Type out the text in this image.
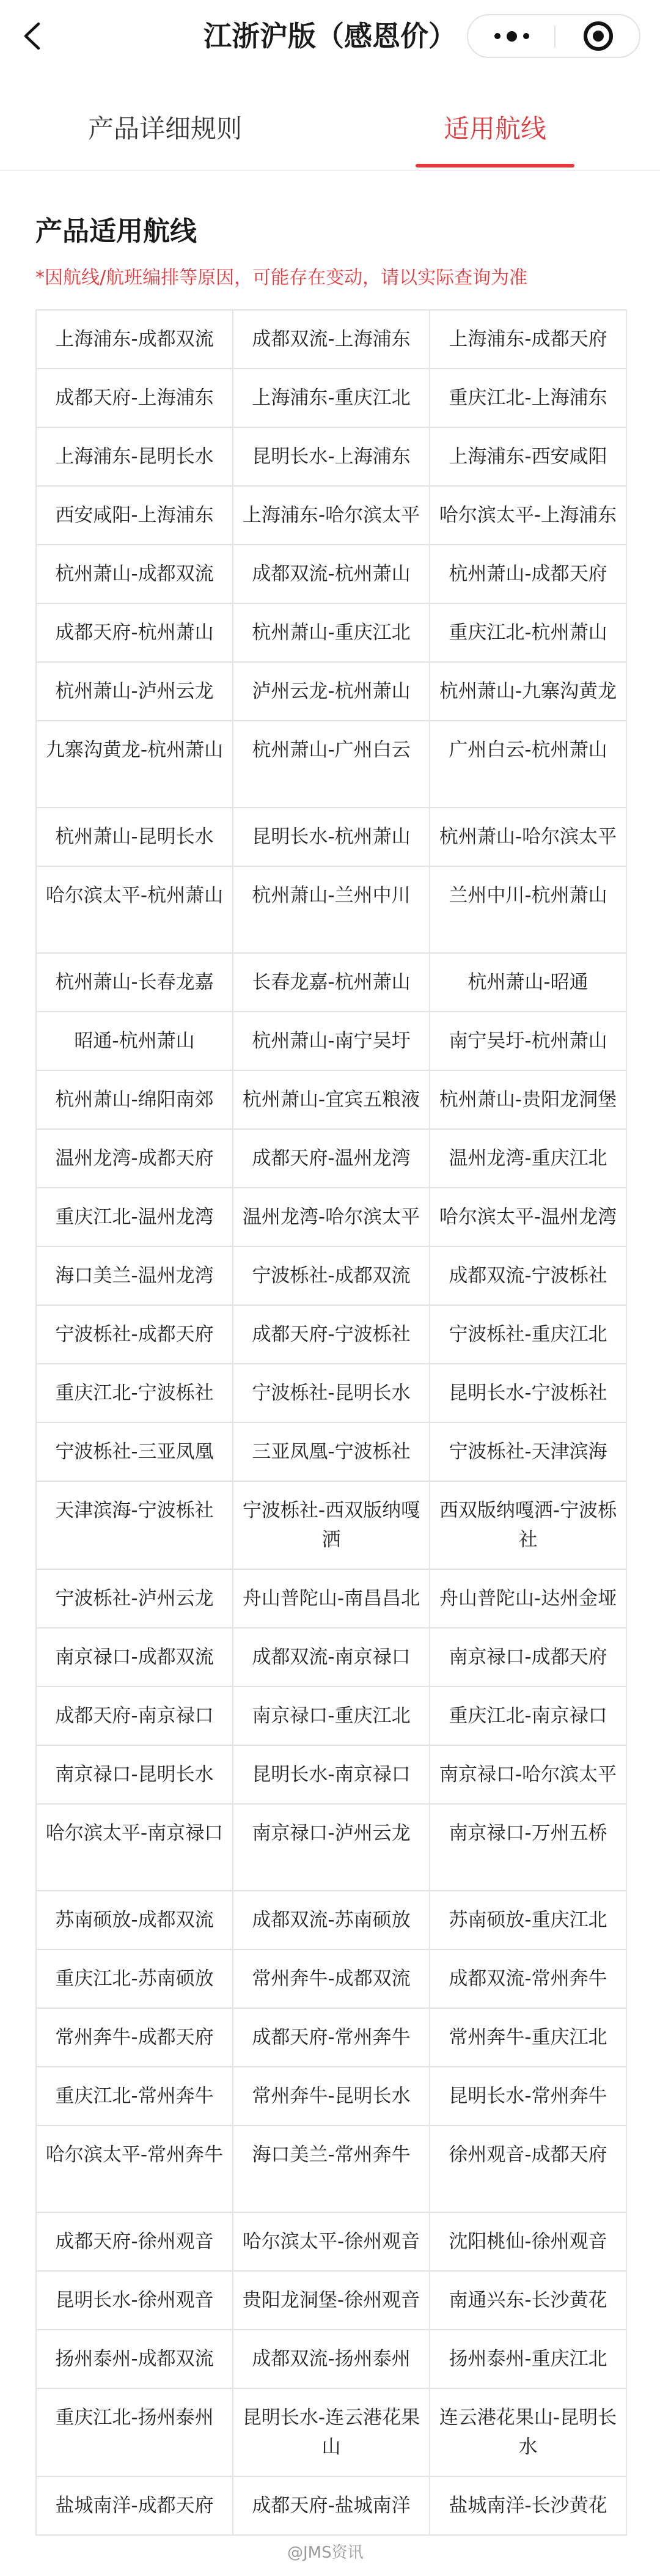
江浙沪版（感恩价）
产品详细规则	适用航线
产品适用航线
*因航线/航班编排等原因，可能存在变动，请以实际查询为准
上海浦东-成都双流	成都双流-上海浦东	上海浦东-成都天府
成都天府-上海浦东	上海浦东-重庆江北	重庆江北-上海浦东
上海浦东-昆明长水	昆明长水-上海浦东	上海浦东-西安咸阳
西安咸阳-上海浦东	上海浦东-哈尔滨太平	哈尔滨太平-上海浦东
杭州萧山-成都双流	成都双流-杭州萧山	杭州萧山-成都天府
成都天府-杭州萧山	杭州萧山-重庆江北	重庆江北-杭州萧山
杭州萧山-泸州云龙	泸州云龙-杭州萧山	杭州萧山-九寨沟黄龙
九寨沟黄龙-杭州萧山	杭州萧山-广州白云	广州白云-杭州萧山
杭州萧山-昆明长水	昆明长水-杭州萧山	杭州萧山-哈尔滨太平
哈尔滨太平-杭州萧山	杭州萧山-兰州中川	兰州中川-杭州萧山
杭州萧山-长春龙嘉	长春龙嘉-杭州萧山	杭州萧山-昭通
昭通-杭州萧山	杭州萧山-南宁吴圩	南宁吴圩-杭州萧山
杭州萧山-绵阳南郊	杭州萧山-宜宾五粮液	杭州萧山-贵阳龙洞堡
温州龙湾-成都天府	成都天府-温州龙湾	温州龙湾-重庆江北
重庆江北-温州龙湾	温州龙湾-哈尔滨太平	哈尔滨太平-温州龙湾
海口美兰-温州龙湾	宁波栎社-成都双流	成都双流-宁波栎社
宁波栎社-成都天府	成都天府-宁波栎社	宁波栎社-重庆江北
重庆江北-宁波栎社	宁波栎社-昆明长水	昆明长水-宁波栎社
宁波栎社-三亚凤凰	三亚凤凰-宁波栎社	宁波栎社-天津滨海
天津滨海-宁波栎社	宁波栎社-西双版纳嘎洒	西双版纳嘎洒-宁波栎社
宁波栎社-泸州云龙	舟山普陀山-南昌昌北	舟山普陀山-达州金垭
南京禄口-成都双流	成都双流-南京禄口	南京禄口-成都天府
成都天府-南京禄口	南京禄口-重庆江北	重庆江北-南京禄口
南京禄口-昆明长水	昆明长水-南京禄口	南京禄口-哈尔滨太平
哈尔滨太平-南京禄口	南京禄口-泸州云龙	南京禄口-万州五桥
苏南硕放-成都双流	成都双流-苏南硕放	苏南硕放-重庆江北
重庆江北-苏南硕放	常州奔牛-成都双流	成都双流-常州奔牛
常州奔牛-成都天府	成都天府-常州奔牛	常州奔牛-重庆江北
重庆江北-常州奔牛	常州奔牛-昆明长水	昆明长水-常州奔牛
哈尔滨太平-常州奔牛	海口美兰-常州奔牛	徐州观音-成都天府
成都天府-徐州观音	哈尔滨太平-徐州观音	沈阳桃仙-徐州观音
昆明长水-徐州观音	贵阳龙洞堡-徐州观音	南通兴东-长沙黄花
扬州泰州-成都双流	成都双流-扬州泰州	扬州泰州-重庆江北
重庆江北-扬州泰州	昆明长水-连云港花果山	连云港花果山-昆明长水
盐城南洋-成都天府	成都天府-盐城南洋	盐城南洋-长沙黄花
@JMS资讯
